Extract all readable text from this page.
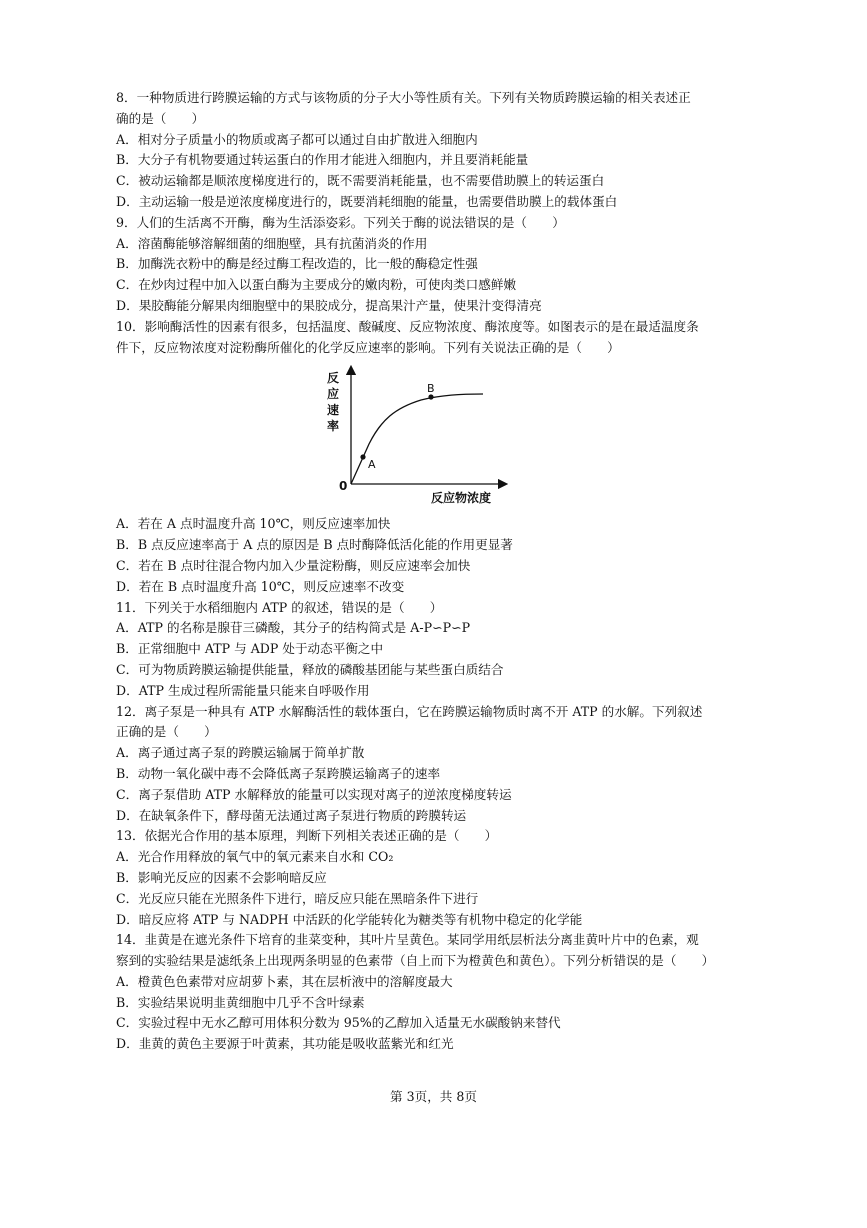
8．一种物质进行跨膜运输的方式与该物质的分子大小等性质有关。下列有关物质跨膜运输的相关表述正
确的是（　　）
A．相对分子质量小的物质或离子都可以通过自由扩散进入细胞内
B．大分子有机物要通过转运蛋白的作用才能进入细胞内，并且要消耗能量
C．被动运输都是顺浓度梯度进行的，既不需要消耗能量，也不需要借助膜上的转运蛋白
D．主动运输一般是逆浓度梯度进行的，既要消耗细胞的能量，也需要借助膜上的载体蛋白
9．人们的生活离不开酶，酶为生活添姿彩。下列关于酶的说法错误的是（　　）
A．溶菌酶能够溶解细菌的细胞壁，具有抗菌消炎的作用
B．加酶洗衣粉中的酶是经过酶工程改造的，比一般的酶稳定性强
C．在炒肉过程中加入以蛋白酶为主要成分的嫩肉粉，可使肉类口感鲜嫩
D．果胶酶能分解果肉细胞壁中的果胶成分，提高果汁产量，使果汁变得清亮
10．影响酶活性的因素有很多，包括温度、酸碱度、反应物浓度、酶浓度等。如图表示的是在最适温度条
件下，反应物浓度对淀粉酶所催化的化学反应速率的影响。下列有关说法正确的是（　　）
反
应
速
率
0
反应物浓度
A
B
A．若在 A 点时温度升高 10℃，则反应速率加快
B．B 点反应速率高于 A 点的原因是 B 点时酶降低活化能的作用更显著
C．若在 B 点时往混合物内加入少量淀粉酶，则反应速率会加快
D．若在 B 点时温度升高 10℃，则反应速率不改变
11．下列关于水稻细胞内 ATP 的叙述，错误的是（　　）
A．ATP 的名称是腺苷三磷酸，其分子的结构简式是 A-P∽P∽P
B．正常细胞中 ATP 与 ADP 处于动态平衡之中
C．可为物质跨膜运输提供能量，释放的磷酸基团能与某些蛋白质结合
D．ATP 生成过程所需能量只能来自呼吸作用
12．离子泵是一种具有 ATP 水解酶活性的载体蛋白，它在跨膜运输物质时离不开 ATP 的水解。下列叙述
正确的是（　　）
A．离子通过离子泵的跨膜运输属于简单扩散
B．动物一氧化碳中毒不会降低离子泵跨膜运输离子的速率
C．离子泵借助 ATP 水解释放的能量可以实现对离子的逆浓度梯度转运
D．在缺氧条件下，酵母菌无法通过离子泵进行物质的跨膜转运
13．依据光合作用的基本原理，判断下列相关表述正确的是（　　）
A．光合作用释放的氧气中的氧元素来自水和 CO₂
B．影响光反应的因素不会影响暗反应
C．光反应只能在光照条件下进行，暗反应只能在黑暗条件下进行
D．暗反应将 ATP 与 NADPH 中活跃的化学能转化为糖类等有机物中稳定的化学能
14．韭黄是在遮光条件下培育的韭菜变种，其叶片呈黄色。某同学用纸层析法分离韭黄叶片中的色素，观
察到的实验结果是滤纸条上出现两条明显的色素带（自上而下为橙黄色和黄色）。下列分析错误的是（　　）
A．橙黄色色素带对应胡萝卜素，其在层析液中的溶解度最大
B．实验结果说明韭黄细胞中几乎不含叶绿素
C．实验过程中无水乙醇可用体积分数为 95%的乙醇加入适量无水碳酸钠来替代
D．韭黄的黄色主要源于叶黄素，其功能是吸收蓝紫光和红光
第 3页，共 8页
